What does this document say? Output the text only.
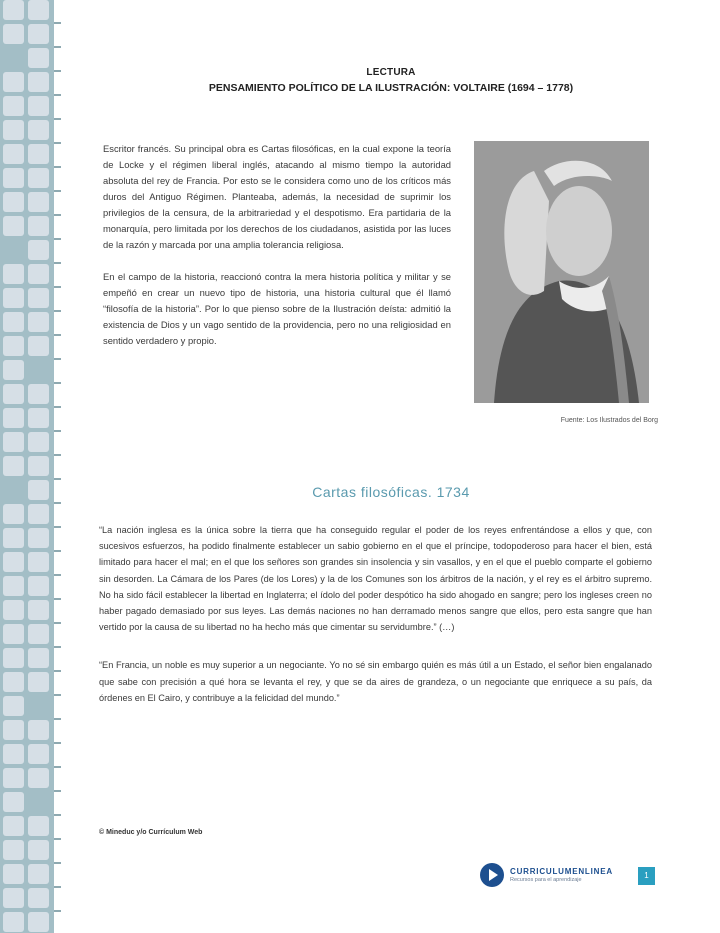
LECTURA
PENSAMIENTO POLÍTICO DE LA ILUSTRACIÓN: VOLTAIRE (1694 – 1778)

Escritor francés. Su principal obra es Cartas filosóficas, en la cual expone la teoría de Locke y el régimen liberal inglés, atacando al mismo tiempo la autoridad absoluta del rey de Francia. Por esto se le considera como uno de los críticos más duros del Antiguo Régimen. Planteaba, además, la necesidad de suprimir los privilegios de la censura, de la arbitrariedad y el despotismo. Era partidaria de la monarquía, pero limitada por los derechos de los ciudadanos, asistida por las luces de la razón y marcada por una amplia tolerancia religiosa.

En el campo de la historia, reaccionó contra la mera historia política y militar y se empeñó en crear un nuevo tipo de historia, una historia cultural que él llamó “filosofía de la historia”. Por lo que pienso sobre de la Ilustración deísta: admitió la existencia de Dios y un vago sentido de la providencia, pero no una religiosidad en sentido verdadero y propio.

Fuente: Los Ilustrados del Borg
Cartas filosóficas. 1734

“La nación inglesa es la única sobre la tierra que ha conseguido regular el poder de los reyes enfrentándose a ellos y que, con sucesivos esfuerzos, ha podido finalmente establecer un sabio gobierno en el que el príncipe, todopoderoso para hacer el bien, está limitado para hacer el mal; en el que los señores son grandes sin insolencia y sin vasallos, y en el que el pueblo comparte el gobierno sin desorden. La Cámara de los Pares (de los Lores) y la de los Comunes son los árbitros de la nación, y el rey es el árbitro supremo. No ha sido fácil establecer la libertad en Inglaterra; el ídolo del poder despótico ha sido ahogado en sangre; pero los ingleses creen no haber pagado demasiado por sus leyes. Las demás naciones no han derramado menos sangre que ellos, pero esta sangre que han vertido por la causa de su libertad no ha hecho más que cimentar su servidumbre.” (…)

“En Francia, un noble es muy superior a un negociante. Yo no sé sin embargo quién es más útil a un Estado, el señor bien engalanado que sabe con precisión a qué hora se levanta el rey, y que se da aires de grandeza, o un negociante que enriquece a su país, da órdenes en El Cairo, y contribuye a la felicidad del mundo.”

© Mineduc y/o Currículum Web
CURRICULUMENLINEA
Recursos para el aprendizaje	1
